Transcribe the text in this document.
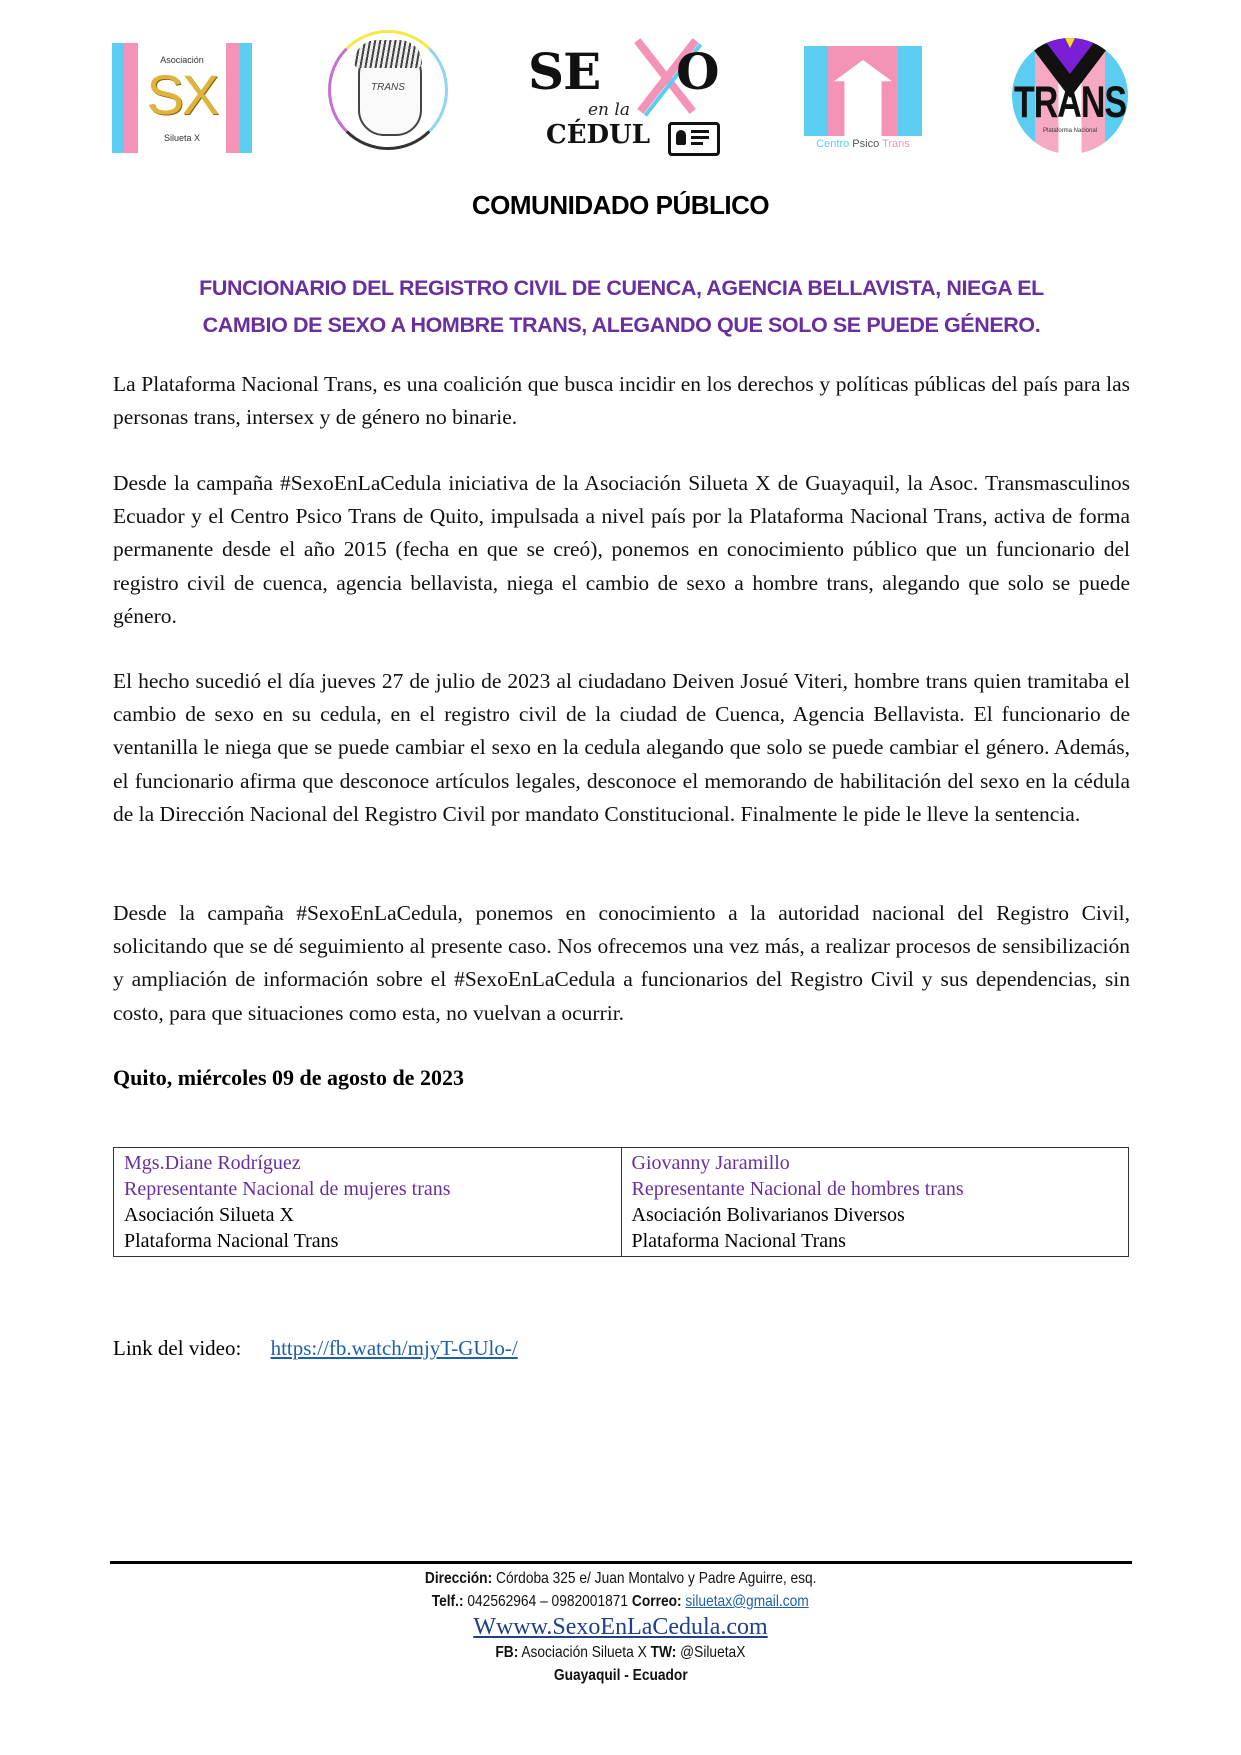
Asociación
SX
Silueta X
TRANS SE O
en la
CÉDUL	Centro Psico Trans
TRANS
Plataforma Nacional
COMUNIDADO PÚBLICO
FUNCIONARIO DEL REGISTRO CIVIL DE CUENCA, AGENCIA BELLAVISTA, NIEGA EL
CAMBIO DE SEXO A HOMBRE TRANS, ALEGANDO QUE SOLO SE PUEDE GÉNERO.

La Plataforma Nacional Trans, es una coalición que busca incidir en los derechos y políticas públicas del país para las personas trans, intersex y de género no binarie.

Desde la campaña #SexoEnLaCedula iniciativa de la Asociación Silueta X de Guayaquil, la Asoc. Transmasculinos Ecuador y el Centro Psico Trans de Quito, impulsada a nivel país por la Plataforma Nacional Trans, activa de forma permanente desde el año 2015 (fecha en que se creó), ponemos en conocimiento público que un funcionario del registro civil de cuenca, agencia bellavista, niega el cambio de sexo a hombre trans, alegando que solo se puede género.

El hecho sucedió el día jueves 27 de julio de 2023 al ciudadano Deiven Josué Viteri, hombre trans quien tramitaba el cambio de sexo en su cedula, en el registro civil de la ciudad de Cuenca, Agencia Bellavista. El funcionario de ventanilla le niega que se puede cambiar el sexo en la cedula alegando que solo se puede cambiar el género. Además, el funcionario afirma que desconoce artículos legales, desconoce el memorando de habilitación del sexo en la cédula de la Dirección Nacional del Registro Civil por mandato Constitucional. Finalmente le pide le lleve la sentencia.

Desde la campaña #SexoEnLaCedula, ponemos en conocimiento a la autoridad nacional del Registro Civil, solicitando que se dé seguimiento al presente caso. Nos ofrecemos una vez más, a realizar procesos de sensibilización y ampliación de información sobre el #SexoEnLaCedula a funcionarios del Registro Civil y sus dependencias, sin costo, para que situaciones como esta, no vuelvan a ocurrir.

Quito, miércoles 09 de agosto de 2023
Mgs.Diane Rodríguez
Representante Nacional de mujeres trans
Asociación Silueta X
Plataforma Nacional Trans

Giovanny Jaramillo
Representante Nacional de hombres trans
Asociación Bolivarianos Diversos
Plataforma Nacional Trans
Link del video: https://fb.watch/mjyT-GUlo-/
Dirección: Córdoba 325 e/ Juan Montalvo y Padre Aguirre, esq.
Telf.: 042562964 – 0982001871 Correo: siluetax@gmail.com
Wwww.SexoEnLaCedula.com
FB: Asociación Silueta X TW: @SiluetaX
Guayaquil - Ecuador
